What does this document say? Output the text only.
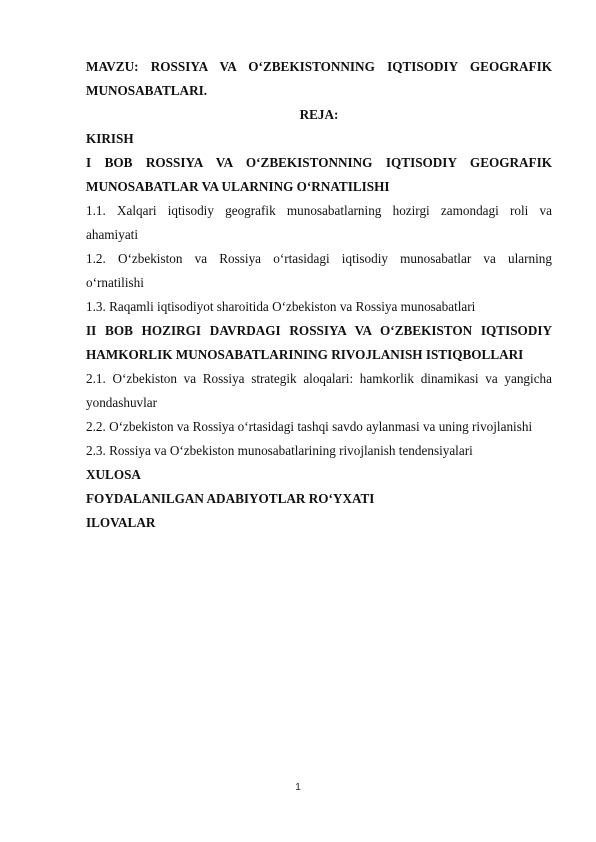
MAVZU: ROSSIYA VA O‘ZBEKISTONNING IQTISODIY GEOGRAFIK
MUNOSABATLARI.
REJA:
KIRISH
I BOB ROSSIYA VA O‘ZBEKISTONNING IQTISODIY GEOGRAFIK
MUNOSABATLAR VA ULARNING O‘RNATILISHI
1.1. Xalqari iqtisodiy geografik munosabatlarning hozirgi zamondagi roli va
ahamiyati
1.2. O‘zbekiston va Rossiya o‘rtasidagi iqtisodiy munosabatlar va ularning
o‘rnatilishi
1.3. Raqamli iqtisodiyot sharoitida O‘zbekiston va Rossiya munosabatlari
II BOB HOZIRGI DAVRDAGI ROSSIYA VA O‘ZBEKISTON IQTISODIY
HAMKORLIK MUNOSABATLARINING RIVOJLANISH ISTIQBOLLARI
2.1. O‘zbekiston va Rossiya strategik aloqalari: hamkorlik dinamikasi va yangicha
yondashuvlar
2.2. O‘zbekiston va Rossiya o‘rtasidagi tashqi savdo aylanmasi va uning rivojlanishi
2.3. Rossiya va O‘zbekiston munosabatlarining rivojlanish tendensiyalari
XULOSA
FOYDALANILGAN ADABIYOTLAR RO‘YXATI
ILOVALAR
1
